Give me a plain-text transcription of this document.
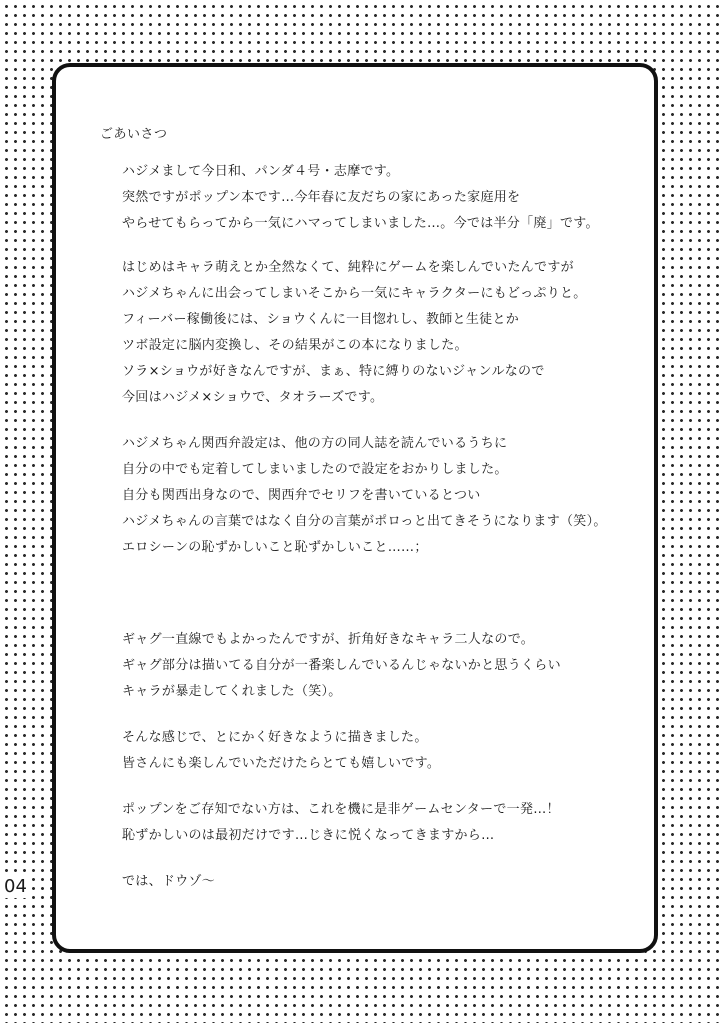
ごあいさつ
ハジメまして今日和、パンダ４号・志摩です。
突然ですがポップン本です…今年春に友だちの家にあった家庭用を
やらせてもらってから一気にハマってしまいました…。今では半分「廃」です。
はじめはキャラ萌えとか全然なくて、純粋にゲームを楽しんでいたんですが
ハジメちゃんに出会ってしまいそこから一気にキャラクターにもどっぷりと。
フィーバー稼働後には、ショウくんに一目惚れし、教師と生徒とか
ツボ設定に脳内変換し、その結果がこの本になりました。
ソラ×ショウが好きなんですが、まぁ、特に縛りのないジャンルなので
今回はハジメ×ショウで、タオラーズです。
ハジメちゃん関西弁設定は、他の方の同人誌を読んでいるうちに
自分の中でも定着してしまいましたので設定をおかりしました。
自分も関西出身なので、関西弁でセリフを書いているとつい
ハジメちゃんの言葉ではなく自分の言葉がポロっと出てきそうになります（笑）。
エロシーンの恥ずかしいこと恥ずかしいこと……；
ギャグ一直線でもよかったんですが、折角好きなキャラ二人なので。
ギャグ部分は描いてる自分が一番楽しんでいるんじゃないかと思うくらい
キャラが暴走してくれました（笑）。
そんな感じで、とにかく好きなように描きました。
皆さんにも楽しんでいただけたらとても嬉しいです。
ポップンをご存知でない方は、これを機に是非ゲームセンターで一発…！
恥ずかしいのは最初だけです…じきに悦くなってきますから…
では、ドウゾ～
04
